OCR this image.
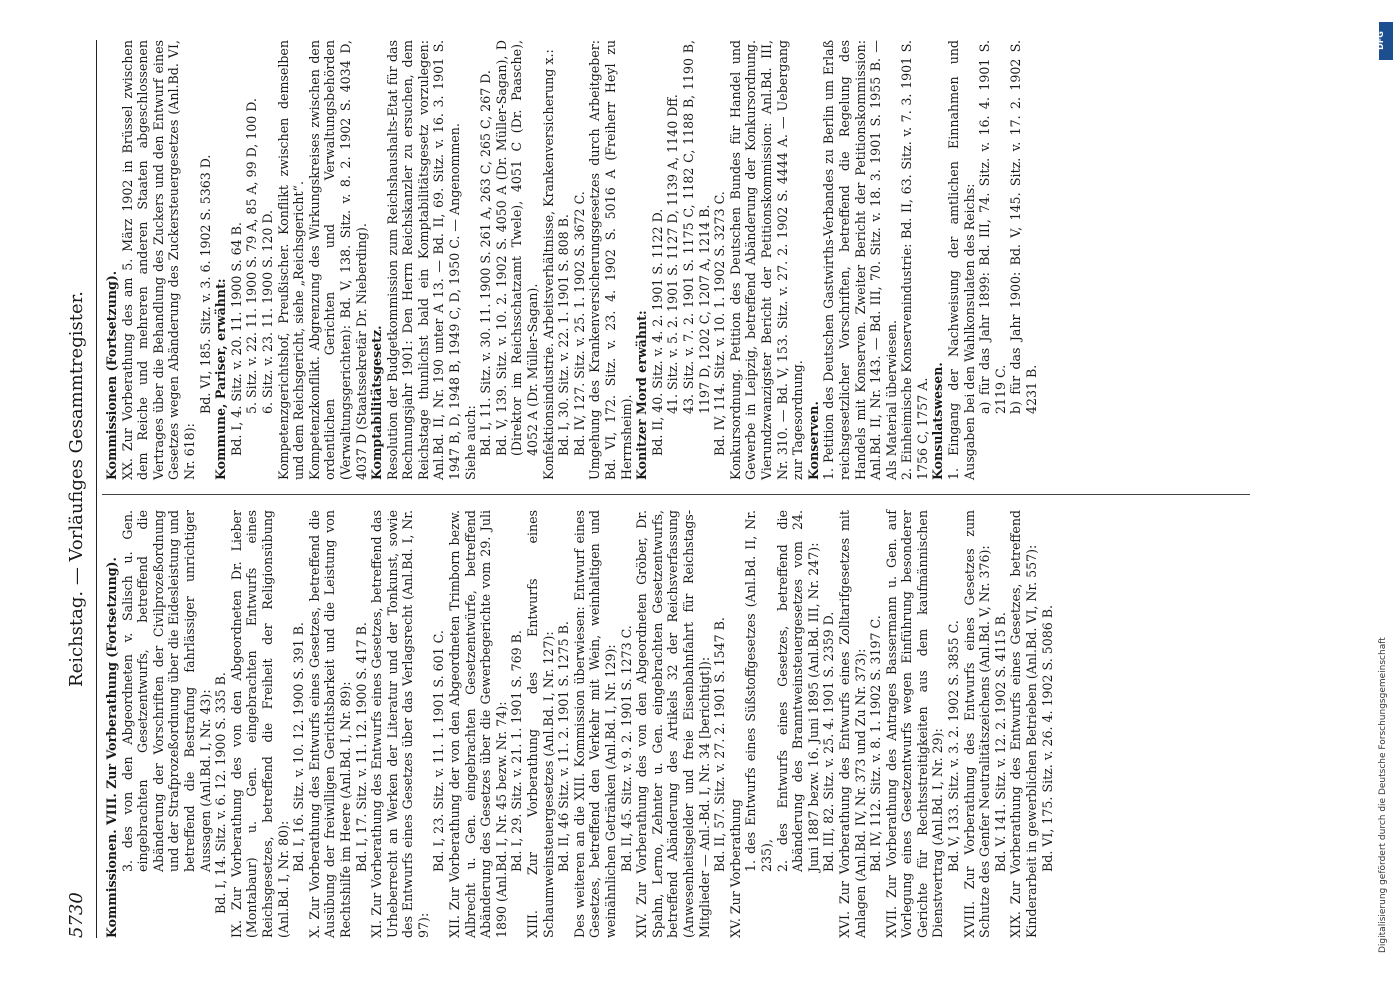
5730
Reichstag. — Vorläufiges Gesammtregister.

Kommissionen. VIII. Zur Vorberathung (Fortsetzung). 3. des von den Abgeordneten v. Salisch u. Gen. eingebrachten Gesetzentwurfs, betreffend die Abänderung der Vorschriften der Civilprozeßordnung und der Strafprozeßordnung über die Eidesleistung und betreffend die Bestrafung fahrlässiger unrichtiger Aussagen (Anl.Bd. I, Nr. 43): Bd. I, 14. Sitz. v. 6. 12. 1900 S. 335 B. IX. Zur Vorberathung des von den Abgeordneten Dr. Lieber (Montabaur) u. Gen. eingebrachten Entwurfs eines Reichsgesetzes, betreffend die Freiheit der Religionsübung (Anl.Bd. I, Nr. 80):

Bd. I, 16. Sitz. v. 10. 12. 1900 S. 391 B. X. Zur Vorberathung des Entwurfs eines Gesetzes, betreffend die Ausübung der freiwilligen Gerichtsbarkeit und die Leistung von Rechtshilfe im Heere (Anl.Bd. I, Nr. 89): Bd. I, 17. Sitz. v. 11. 12. 1900 S. 417 B. XI. Zur Vorberathung des Entwurfs eines Gesetzes, betreffend das Urheberrecht an Werken der Literatur und der Tonkunst, sowie des Entwurfs eines Gesetzes über das Verlagsrecht (Anl.Bd. I, Nr. 97):

Bd. I, 23. Sitz. v. 11. 1. 1901 S. 601 C. XII. Zur Vorberathung der von den Abgeordneten Trimborn bezw. Albrecht u. Gen. eingebrachten Gesetzentwürfe, betreffend Abänderung des Gesetzes über die Gewerbegerichte vom 29. Juli 1890 (Anl.Bd. I, Nr. 45 bezw. Nr. 74): Bd. I, 29. Sitz. v. 21. 1. 1901 S. 769 B. XIII. Zur Vorberathung des Entwurfs eines Schaumweinsteuergesetzes (Anl.Bd. I, Nr. 127): Bd. II, 46 Sitz. v. 11. 2. 1901 S. 1275 B. Des weiteren an die XIII. Kommission überwiesen: Entwurf eines Gesetzes, betreffend den Verkehr mit Wein, weinhaltigen und weinähnlichen Getränken (Anl.Bd. I, Nr. 129): Bd. II, 45. Sitz. v. 9. 2. 1901 S. 1273 C. XIV. Zur Vorberathung des von den Abgeordneten Gröber, Dr. Spahn, Lerno, Zehnter u. Gen. eingebrachten Gesetzentwurfs, betreffend Abänderung des Artikels 32 der Reichsverfassung (Anwesenheitsgelder und freie Eisenbahnfahrt für Reichstags-Mitglieder — Anl.-Bd. I, Nr. 34 [berichtigt]): Bd. II, 57. Sitz. v. 27. 2. 1901 S. 1547 B. XV. Zur Vorberathung 1. des Entwurfs eines Süßstoffgesetzes (Anl.Bd. II, Nr. 235), 2. des Entwurfs eines Gesetzes, betreffend die Abänderung des Branntweinsteuergesetzes vom 24. Juni 1887 bezw. 16. Juni 1895 (Anl.Bd. III, Nr. 247): Bd. III, 82. Sitz. v. 25. 4. 1901 S. 2359 D. XVI. Zur Vorberathung des Entwurfs eines Zolltarifgesetzes mit Anlagen (Anl.Bd. IV, Nr. 373 und Zu Nr. 373): Bd. IV, 112. Sitz. v. 8. 1. 1902 S. 3197 C. XVII. Zur Vorberathung des Antrages Bassermann u. Gen. auf Vorlegung eines Gesetzentwurfs wegen Einführung besonderer Gerichte für Rechtsstreitigkeiten aus dem kaufmännischen Dienstvertrag (Anl.Bd. I, Nr. 29): Bd. V, 133. Sitz. v. 3. 2. 1902 S. 3855 C. XVIII. Zur Vorberathung des Entwurfs eines Gesetzes zum Schutze des Genfer Neutralitätszeichens (Anl.Bd. V, Nr. 376): Bd. V. 141. Sitz. v. 12. 2. 1902 S. 4115 B. XIX. Zur Vorberathung des Entwurfs eines Gesetzes, betreffend Kinderarbeit in gewerblichen Betrieben (Anl.Bd. VI, Nr. 557): Bd. VI, 175. Sitz. v. 26. 4. 1902 S. 5086 B.

Kommissionen (Fortsetzung). XX. Zur Vorberathung des am 5. März 1902 in Brüssel zwischen dem Reiche und mehreren anderen Staaten abgeschlossenen Vertrages über die Behandlung des Zuckers und den Entwurf eines Gesetzes wegen Abänderung des Zuckersteuergesetzes (Anl.Bd. VI, Nr. 618):

Bd. VI, 185. Sitz. v. 3. 6. 1902 S. 5363 D. Kommune, Pariser, erwähnt: Bd. I, 4. Sitz. v. 20. 11. 1900 S. 64 B. 5. Sitz. v. 22. 11. 1900 S. 79 A, 85 A, 99 D, 100 D. 6. Sitz. v. 23. 11. 1900 S. 120 D. Kompetenzgerichtshof, Preußischer. Konflikt zwischen demselben und dem Reichsgericht, siehe „Reichsgericht“. Kompetenzkonflikt. Abgrenzung des Wirkungskreises zwischen den ordentlichen Gerichten und Verwaltungsbehörden (Verwaltungsgerichten): Bd. V, 138. Sitz. v. 8. 2. 1902 S. 4034 D, 4037 D (Staatssekretär Dr. Nieberding). Komptabilitätsgesetz. Resolution der Budgetkommission zum Reichshaushalts-Etat für das Rechnungsjahr 1901: Den Herrn Reichskanzler zu ersuchen, dem Reichstage thunlichst bald ein Komptabilitätsgesetz vorzulegen: Anl.Bd. II, Nr. 190 unter A 13. — Bd. II, 69. Sitz. v. 16. 3. 1901 S. 1947 B, D, 1948 B, 1949 C, D, 1950 C. — Angenommen. Siehe auch: Bd. I, 11. Sitz. v. 30. 11. 1900 S. 261 A, 263 C, 265 C, 267 D. Bd. V, 139. Sitz. v. 10. 2. 1902 S. 4050 A (Dr. Müller-Sagan), D (Direktor im Reichsschatzamt Twele), 4051 C (Dr. Paasche), 4052 A (Dr. Müller-Sagan). Konfektionsindustrie. Arbeitsverhältnisse, Krankenversicherung x.: Bd. I, 30. Sitz. v. 22. 1. 1901 S. 808 B. Bd. IV, 127. Sitz. v. 25. 1. 1902 S. 3672 C. Umgehung des Krankenversicherungsgesetzes durch Arbeitgeber: Bd. VI, 172. Sitz. v. 23. 4. 1902 S. 5016 A (Freiherr Heyl zu Herrnsheim). Konitzer Mord erwähnt: Bd. II, 40. Sitz. v. 4. 2. 1901 S. 1122 D. 41. Sitz. v. 5. 2. 1901 S. 1127 D, 1139 A, 1140 Dff. 43. Sitz. v. 7. 2. 1901 S. 1175 C, 1182 C, 1188 B, 1190 B, 1197 D, 1202 C, 1207 A, 1214 B. Bd. IV, 114. Sitz. v. 10. 1. 1902 S. 3273 C. Konkursordnung. Petition des Deutschen Bundes für Handel und Gewerbe in Leipzig, betreffend Abänderung der Konkursordnung. Vierundzwanzigster Bericht der Petitionskommission: Anl.Bd. III, Nr. 310. — Bd. V, 153. Sitz. v. 27. 2. 1902 S. 4444 A. — Uebergang zur Tagesordnung. Konserven. 1. Petition des Deutschen Gastwirths-Verbandes zu Berlin um Erlaß reichsgesetzlicher Vorschriften, betreffend die Regelung des Handels mit Konserven. Zweiter Bericht der Petitionskommission: Anl.Bd. II, Nr. 143. — Bd. III, 70. Sitz. v. 18. 3. 1901 S. 1955 B. — Als Material überwiesen. 2. Einheimische Konservenindustrie: Bd. II, 63. Sitz. v. 7. 3. 1901 S. 1756 C, 1757 A. Konsulatswesen. 1. Eingang der Nachweisung der amtlichen Einnahmen und Ausgaben bei den Wahlkonsulaten des Reichs: a) für das Jahr 1899: Bd. III, 74. Sitz. v. 16. 4. 1901 S. 2119 C. b) für das Jahr 1900: Bd. V, 145. Sitz. v. 17. 2. 1902 S. 4231 B.

Digitalisierung gefördert durch die Deutsche Forschungsgemeinschaft
DFG
